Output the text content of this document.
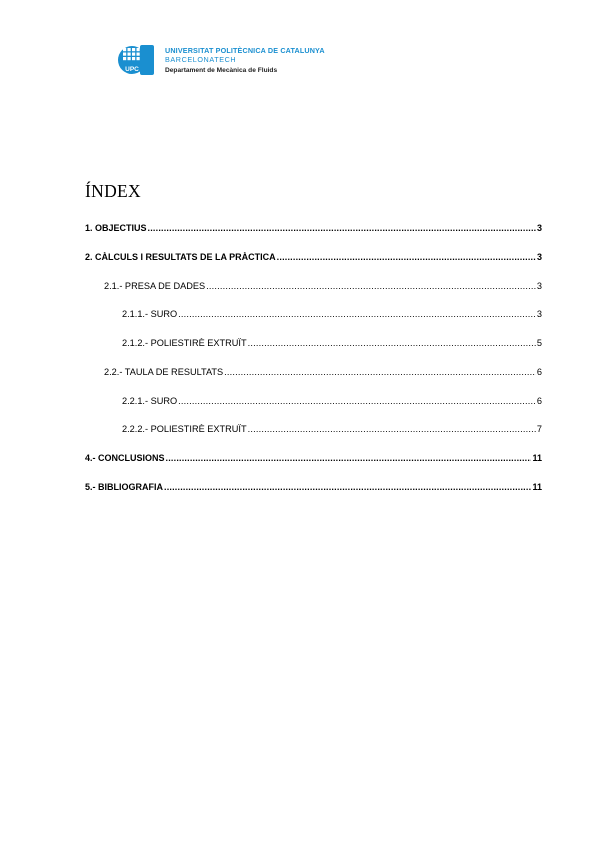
UPC
UNIVERSITAT POLITÈCNICA DE CATALUNYA
BARCELONATECH
Departament de Mecànica de Fluids
ÍNDEX
1. OBJECTIUS .....	3
2. CÀLCULS I RESULTATS DE LA PRÀCTICA .....	3
2.1.- PRESA DE DADES .....	3
2.1.1.- SURO .....	3
2.1.2.- POLIESTIRÈ EXTRUÏT .....	5
2.2.- TAULA DE RESULTATS .....	6
2.2.1.- SURO .....	6
2.2.2.- POLIESTIRÈ EXTRUÏT .....	7
4.- CONCLUSIONS .....	11
5.- BIBLIOGRAFIA .....	11
